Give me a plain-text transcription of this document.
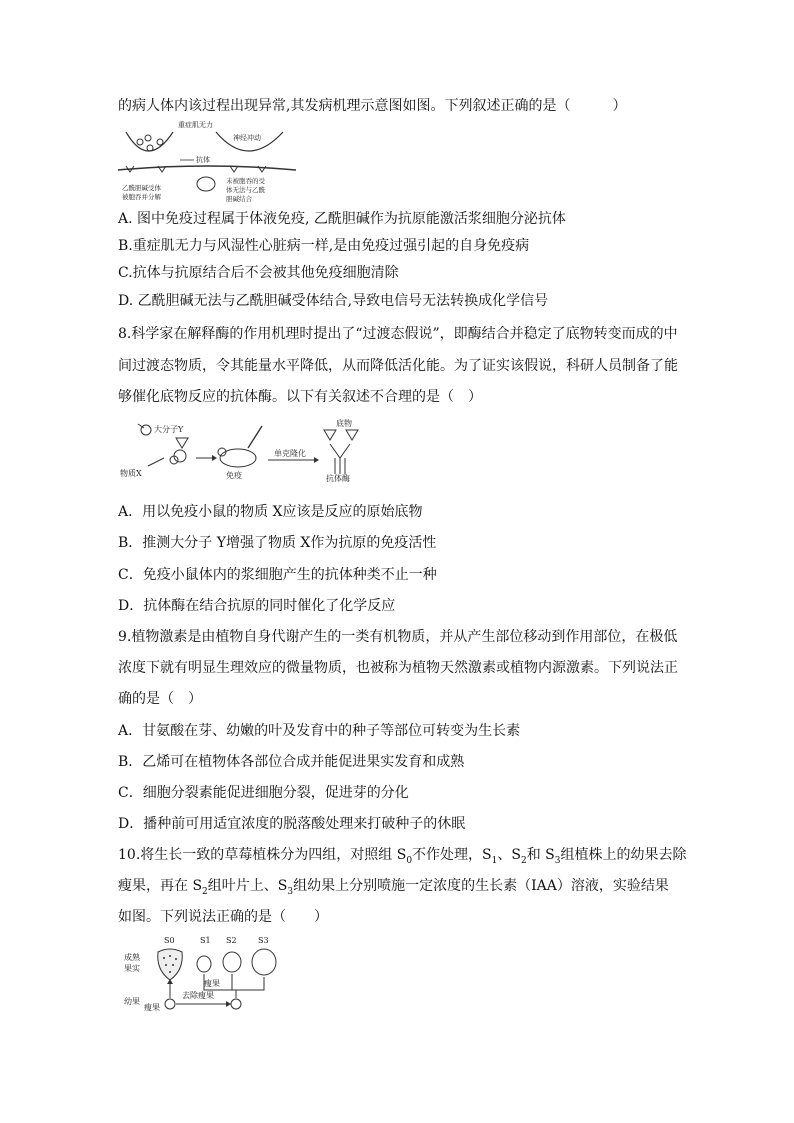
的病人体内该过程出现异常,其发病机理示意图如图。下列叙述正确的是（　　　）
重症肌无力
神经冲动
抗体
乙酰胆碱受体
被胞吞并分解
未被胞吞的受
体无法与乙酰
胆碱结合
A. 图中免疫过程属于体液免疫, 乙酰胆碱作为抗原能激活浆细胞分泌抗体
B.重症肌无力与风湿性心脏病一样,是由免疫过强引起的自身免疫病
C.抗体与抗原结合后不会被其他免疫细胞清除
D. 乙酰胆碱无法与乙酰胆碱受体结合,导致电信号无法转换成化学信号
8.科学家在解释酶的作用机理时提出了“过渡态假说”，即酶结合并稳定了底物转变而成的中
间过渡态物质，令其能量水平降低，从而降低活化能。为了证实该假说，科研人员制备了能
够催化底物反应的抗体酶。以下有关叙述不合理的是（　）
大分子Y
物质X	免疫
单克隆化
底物
抗体酶
A．用以免疫小鼠的物质 X应该是反应的原始底物
B．推测大分子 Y增强了物质 X作为抗原的免疫活性
C．免疫小鼠体内的浆细胞产生的抗体种类不止一种
D．抗体酶在结合抗原的同时催化了化学反应
9.植物激素是由植物自身代谢产生的一类有机物质，并从产生部位移动到作用部位，在极低
浓度下就有明显生理效应的微量物质，也被称为植物天然激素或植物内源激素。下列说法正
确的是（　）
A．甘氨酸在芽、幼嫩的叶及发育中的种子等部位可转变为生长素
B．乙烯可在植物体各部位合成并能促进果实发育和成熟
C．细胞分裂素能促进细胞分裂，促进芽的分化
D．播种前可用适宜浓度的脱落酸处理来打破种子的休眠
10.将生长一致的草莓植株分为四组，对照组 $S_0$不作处理，$S_1$、$S_2$和 $S_3$组植株上的幼果去除
瘦果，再在 $S_2$组叶片上、$S_3$组幼果上分别喷施一定浓度的生长素（IAA）溶液，实验结果
如图。下列说法正确的是（　　）
S0	S1 S2	S3
成熟
果实
瘦果
幼果
瘦果
去除瘦果
